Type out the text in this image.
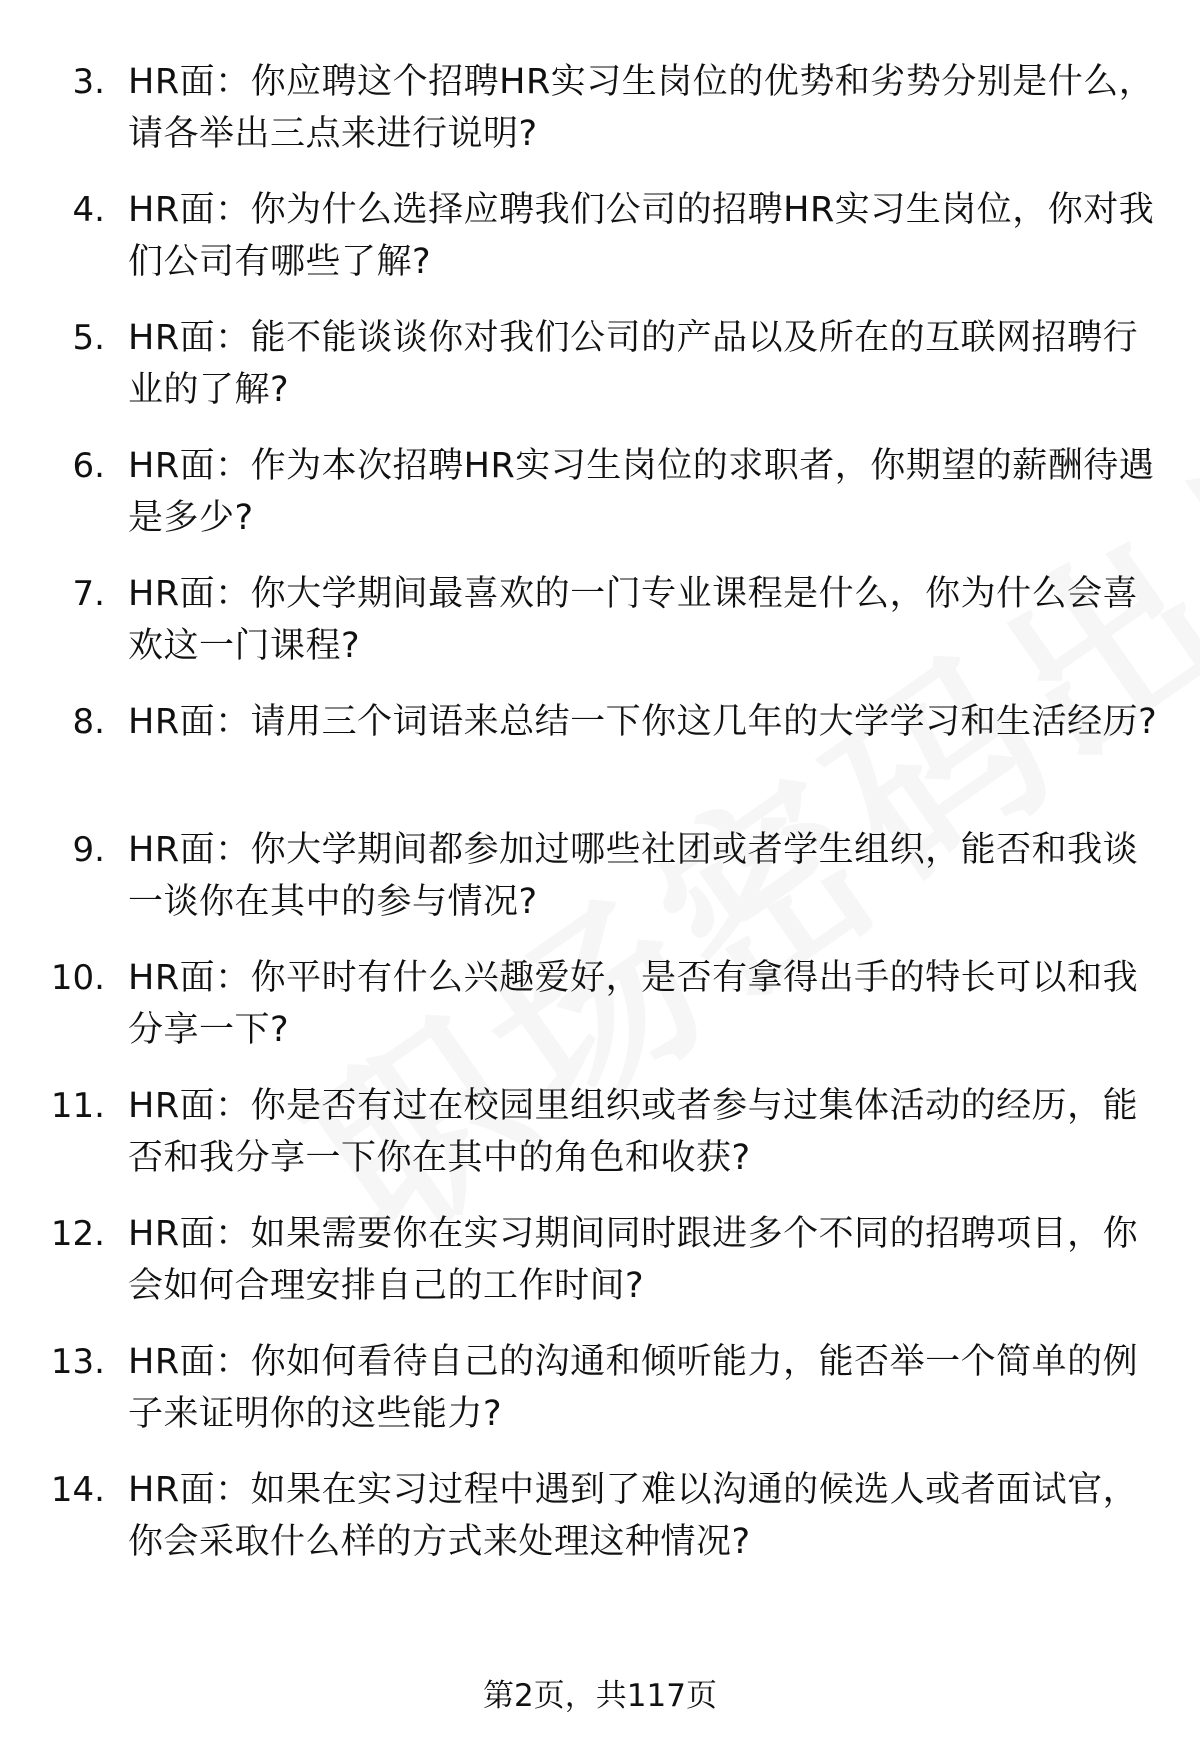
3. HR面：你应聘这个招聘HR实习生岗位的优势和劣势分别是什么，请各举出三点来进行说明?
4. HR面：你为什么选择应聘我们公司的招聘HR实习生岗位，你对我们公司有哪些了解?
5. HR面：能不能谈谈你对我们公司的产品以及所在的互联网招聘行业的了解?
6. HR面：作为本次招聘HR实习生岗位的求职者，你期望的薪酬待遇是多少?
7. HR面：你大学期间最喜欢的一门专业课程是什么，你为什么会喜欢这一门课程?
8. HR面：请用三个词语来总结一下你这几年的大学学习和生活经历?
9. HR面：你大学期间都参加过哪些社团或者学生组织，能否和我谈一谈你在其中的参与情况?
10. HR面：你平时有什么兴趣爱好，是否有拿得出手的特长可以和我分享一下?
11. HR面：你是否有过在校园里组织或者参与过集体活动的经历，能否和我分享一下你在其中的角色和收获?
12. HR面：如果需要你在实习期间同时跟进多个不同的招聘项目，你会如何合理安排自己的工作时间?
13. HR面：你如何看待自己的沟通和倾听能力，能否举一个简单的例子来证明你的这些能力?
14. HR面：如果在实习过程中遇到了难以沟通的候选人或者面试官，你会采取什么样的方式来处理这种情况?
第2页，共117页
